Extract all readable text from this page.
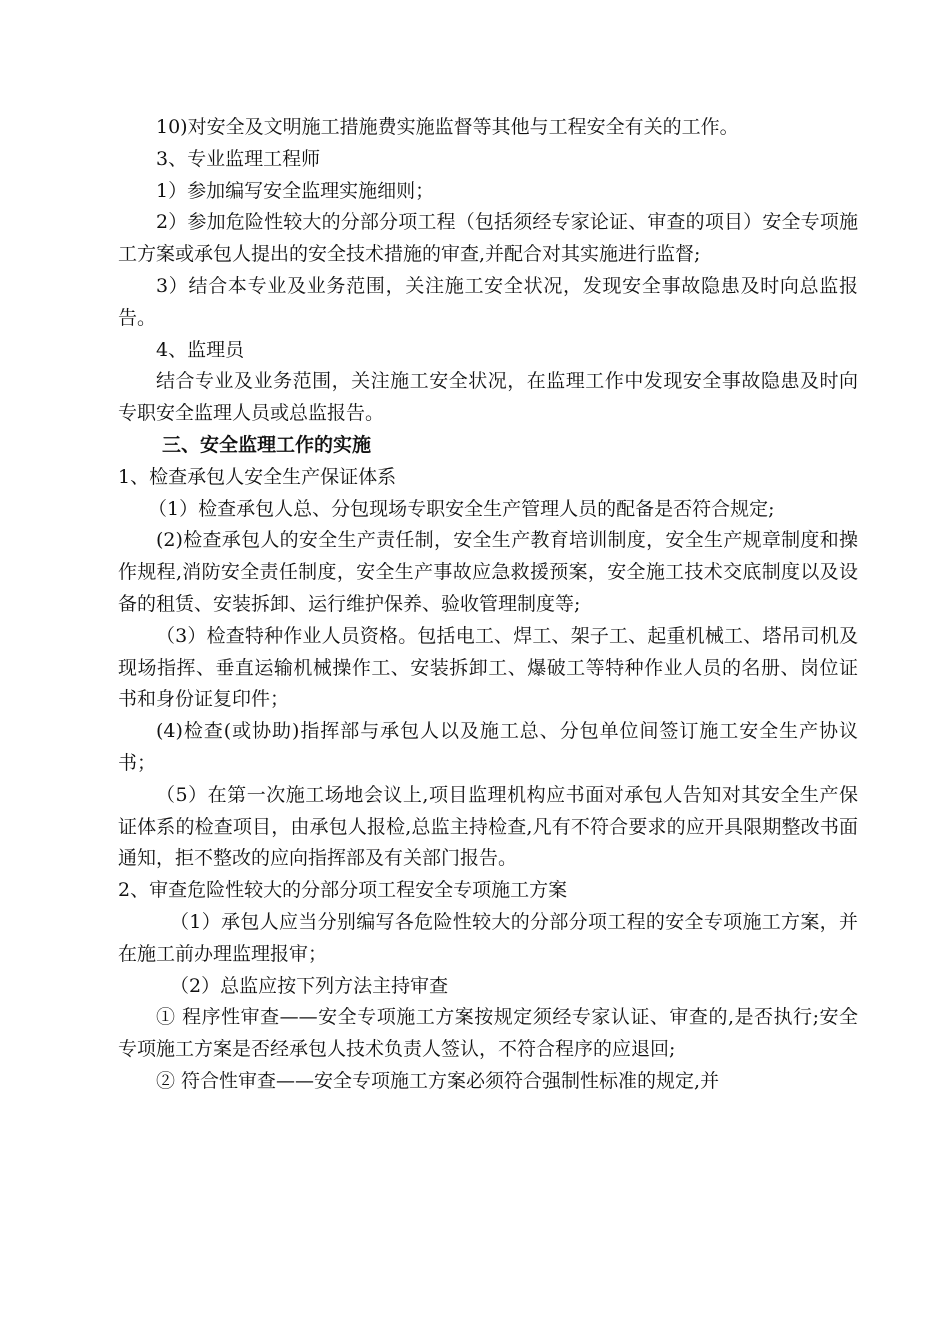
10)对安全及文明施工措施费实施监督等其他与工程安全有关的工作。

3、专业监理工程师

1）参加编写安全监理实施细则；

2）参加危险性较大的分部分项工程（包括须经专家论证、审查的项目）安全专项施工方案或承包人提出的安全技术措施的审查,并配合对其实施进行监督;

3）结合本专业及业务范围，关注施工安全状况，发现安全事故隐患及时向总监报告。

4、监理员

结合专业及业务范围，关注施工安全状况，在监理工作中发现安全事故隐患及时向专职安全监理人员或总监报告。

三、安全监理工作的实施

1、检查承包人安全生产保证体系

（1）检查承包人总、分包现场专职安全生产管理人员的配备是否符合规定;

(2)检查承包人的安全生产责任制，安全生产教育培训制度，安全生产规章制度和操作规程,消防安全责任制度，安全生产事故应急救援预案，安全施工技术交底制度以及设备的租赁、安装拆卸、运行维护保养、验收管理制度等;

（3）检查特种作业人员资格。包括电工、焊工、架子工、起重机械工、塔吊司机及现场指挥、垂直运输机械操作工、安装拆卸工、爆破工等特种作业人员的名册、岗位证书和身份证复印件；

(4)检查(或协助)指挥部与承包人以及施工总、分包单位间签订施工安全生产协议书；

（5）在第一次施工场地会议上,项目监理机构应书面对承包人告知对其安全生产保证体系的检查项目，由承包人报检,总监主持检查,凡有不符合要求的应开具限期整改书面通知，拒不整改的应向指挥部及有关部门报告。

2、审查危险性较大的分部分项工程安全专项施工方案

（1）承包人应当分别编写各危险性较大的分部分项工程的安全专项施工方案，并在施工前办理监理报审；

（2）总监应按下列方法主持审查

① 程序性审查——安全专项施工方案按规定须经专家认证、审查的,是否执行;安全专项施工方案是否经承包人技术负责人签认，不符合程序的应退回;

② 符合性审查——安全专项施工方案必须符合强制性标准的规定,并
